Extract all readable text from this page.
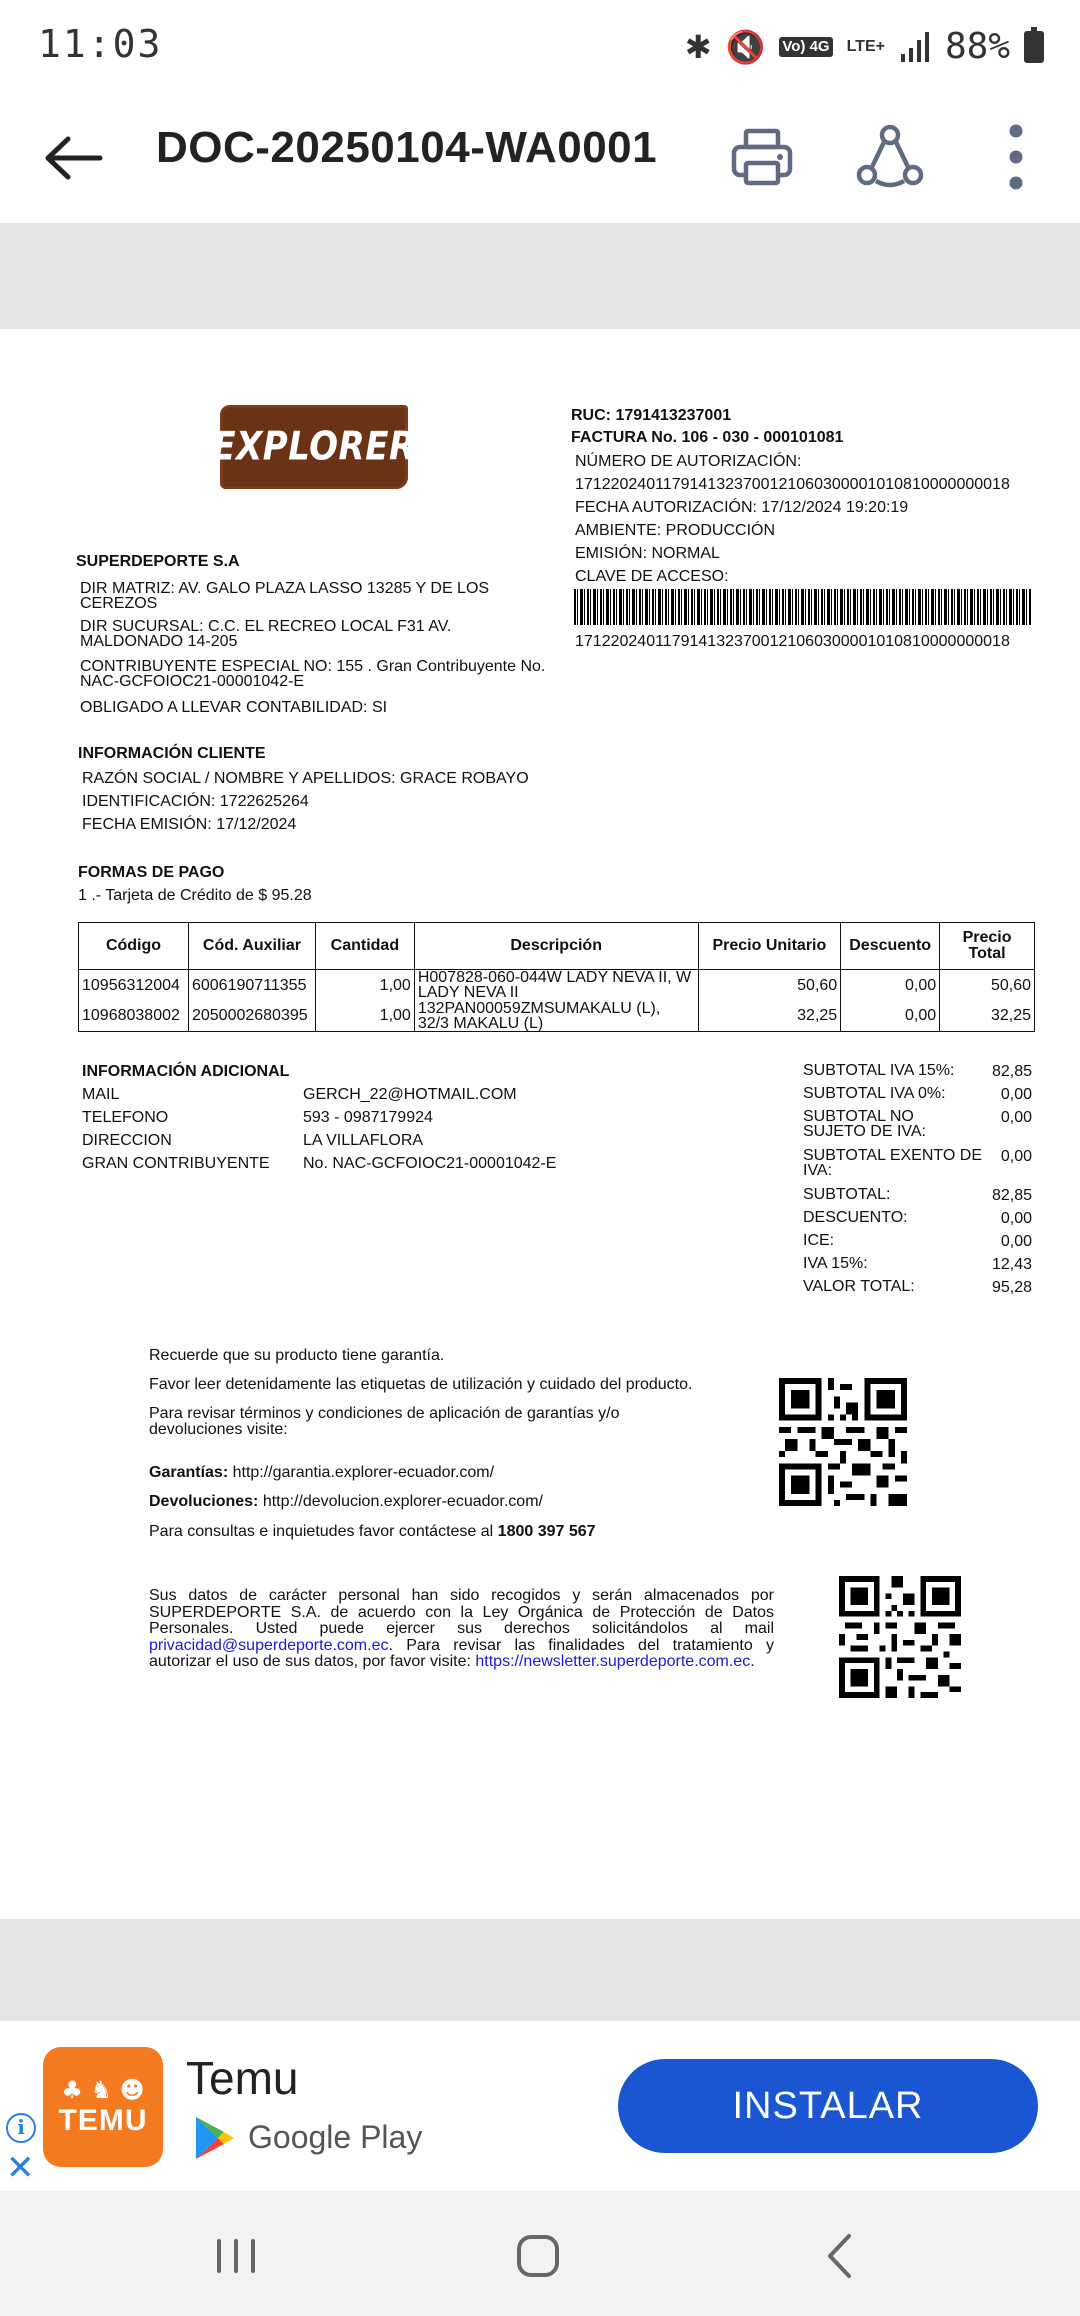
11:03	✱ 🔇 Vo) 4G LTE+ 88%
DOC-20250104-WA0001
EXPLORER
RUC: 1791413237001
FACTURA No. 106 - 030 - 000101081
NÚMERO DE AUTORIZACIÓN:
1712202401179141323700121060300001010810000000018
FECHA AUTORIZACIÓN: 17/12/2024 19:20:19
AMBIENTE: PRODUCCIÓN
EMISIÓN: NORMAL
CLAVE DE ACCESO:
1712202401179141323700121060300001010810000000018
SUPERDEPORTE S.A
DIR MATRIZ: AV. GALO PLAZA LASSO 13285 Y DE LOS CEREZOS
DIR SUCURSAL: C.C. EL RECREO LOCAL F31 AV. MALDONADO 14-205
CONTRIBUYENTE ESPECIAL NO: 155 . Gran Contribuyente No. NAC-GCFOIOC21-00001042-E
OBLIGADO A LLEVAR CONTABILIDAD: SI
INFORMACIÓN CLIENTE
RAZÓN SOCIAL / NOMBRE Y APELLIDOS: GRACE ROBAYO
IDENTIFICACIÓN: 1722625264
FECHA EMISIÓN: 17/12/2024
FORMAS DE PAGO
1 .- Tarjeta de Crédito de $ 95.28
Código	Cód. Auxiliar	Cantidad	Descripción	Precio Unitario	Descuento	Precio Total
10956312004	6006190711355	1,00	H007828-060-044W LADY NEVA II, W LADY NEVA II	50,60	0,00	50,60
10968038002	2050002680395	1,00	132PAN00059ZMSUMAKALU (L), 32/3 MAKALU (L)	32,25	0,00	32,25
INFORMACIÓN ADICIONAL
MAIL	GERCH_22@HOTMAIL.COM
TELEFONO	593 - 0987179924
DIRECCION	LA VILLAFLORA
GRAN CONTRIBUYENTE No. NAC-GCFOIOC21-00001042-E
SUBTOTAL IVA 15%:	82,85
SUBTOTAL IVA 0%:	0,00
SUBTOTAL NO SUJETO DE IVA:
0,00
SUBTOTAL EXENTO DE IVA:
0,00
SUBTOTAL:	82,85
DESCUENTO:	0,00
ICE:	0,00
IVA 15%:	12,43
VALOR TOTAL:	95,28
Recuerde que su producto tiene garantía.
Favor leer detenidamente las etiquetas de utilización y cuidado del producto.
Para revisar términos y condiciones de aplicación de garantías y/o devoluciones visite:
Garantías: http://garantia.explorer-ecuador.com/
Devoluciones: http://devolucion.explorer-ecuador.com/
Para consultas e inquietudes favor contáctese al 1800 397 567
Sus datos de carácter personal han sido recogidos y serán almacenados por SUPERDEPORTE S.A. de acuerdo con la Ley Orgánica de Protección de Datos Personales. Usted puede ejercer sus derechos solicitándolos al mail privacidad@superdeporte.com.ec. Para revisar las finalidades del tratamiento y autorizar el uso de sus datos, por favor visite: https://newsletter.superdeporte.com.ec.
♣ ♞ ☻
TEMU
Temu
Google Play
INSTALAR
i
✕
